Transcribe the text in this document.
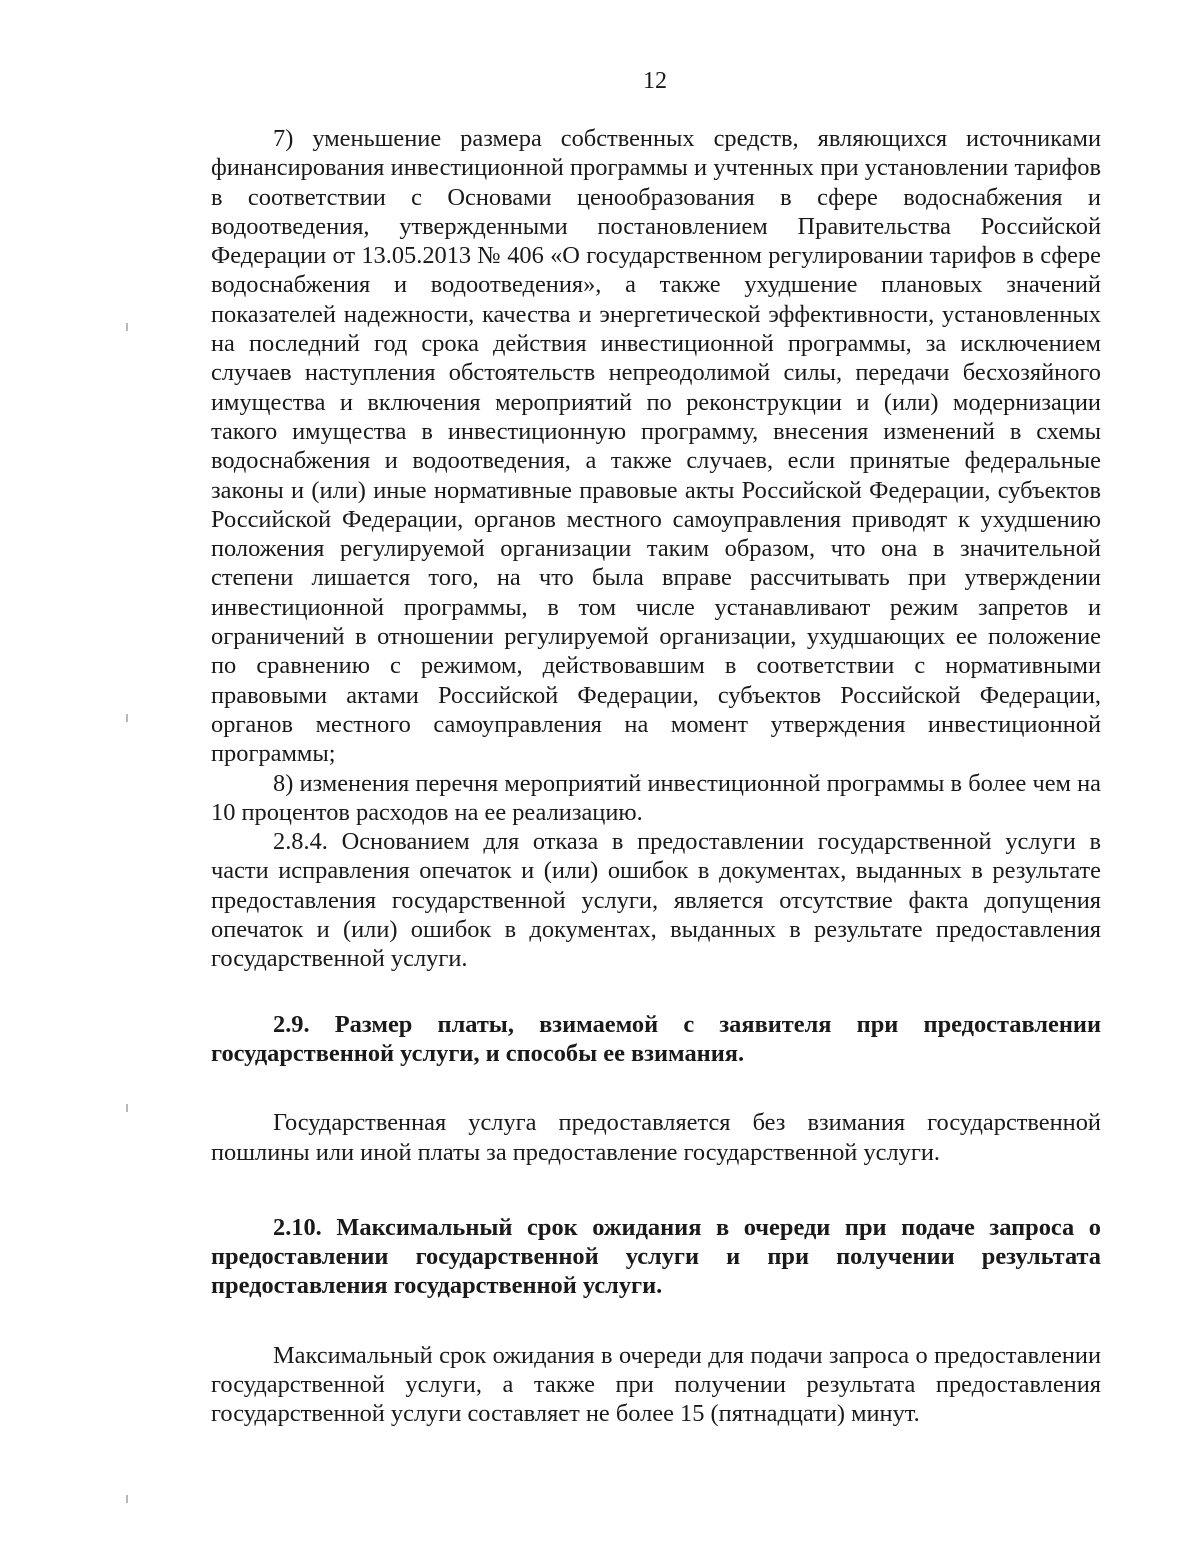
12

7) уменьшение размера собственных средств, являющихся источниками финансирования инвестиционной программы и учтенных при установлении тарифов в соответствии с Основами ценообразования в сфере водоснабжения и водоотведения, утвержденными постановлением Правительства Российской Федерации от 13.05.2013 № 406 «О государственном регулировании тарифов в сфере водоснабжения и водоотведения», а также ухудшение плановых значений показателей надежности, качества и энергетической эффективности, установленных на последний год срока действия инвестиционной программы, за исключением случаев наступления обстоятельств непреодолимой силы, передачи бесхозяйного имущества и включения мероприятий по реконструкции и (или) модернизации такого имущества в инвестиционную программу, внесения изменений в схемы водоснабжения и водоотведения, а также случаев, если принятые федеральные законы и (или) иные нормативные правовые акты Российской Федерации, субъектов Российской Федерации, органов местного самоуправления приводят к ухудшению положения регулируемой организации таким образом, что она в значительной степени лишается того, на что была вправе рассчитывать при утверждении инвестиционной программы, в том числе устанавливают режим запретов и ограничений в отношении регулируемой организации, ухудшающих ее положение по сравнению с режимом, действовавшим в соответствии с нормативными правовыми актами Российской Федерации, субъектов Российской Федерации, органов местного самоуправления на момент утверждения инвестиционной программы;

8) изменения перечня мероприятий инвестиционной программы в более чем на 10 процентов расходов на ее реализацию.

2.8.4. Основанием для отказа в предоставлении государственной услуги в части исправления опечаток и (или) ошибок в документах, выданных в результате предоставления государственной услуги, является отсутствие факта допущения опечаток и (или) ошибок в документах, выданных в результате предоставления государственной услуги.

2.9. Размер платы, взимаемой с заявителя при предоставлении государственной услуги, и способы ее взимания.

Государственная услуга предоставляется без взимания государственной пошлины или иной платы за предоставление государственной услуги.

2.10. Максимальный срок ожидания в очереди при подаче запроса о предоставлении государственной услуги и при получении результата предоставления государственной услуги.

Максимальный срок ожидания в очереди для подачи запроса о предоставлении государственной услуги, а также при получении результата предоставления государственной услуги составляет не более 15 (пятнадцати) минут.
